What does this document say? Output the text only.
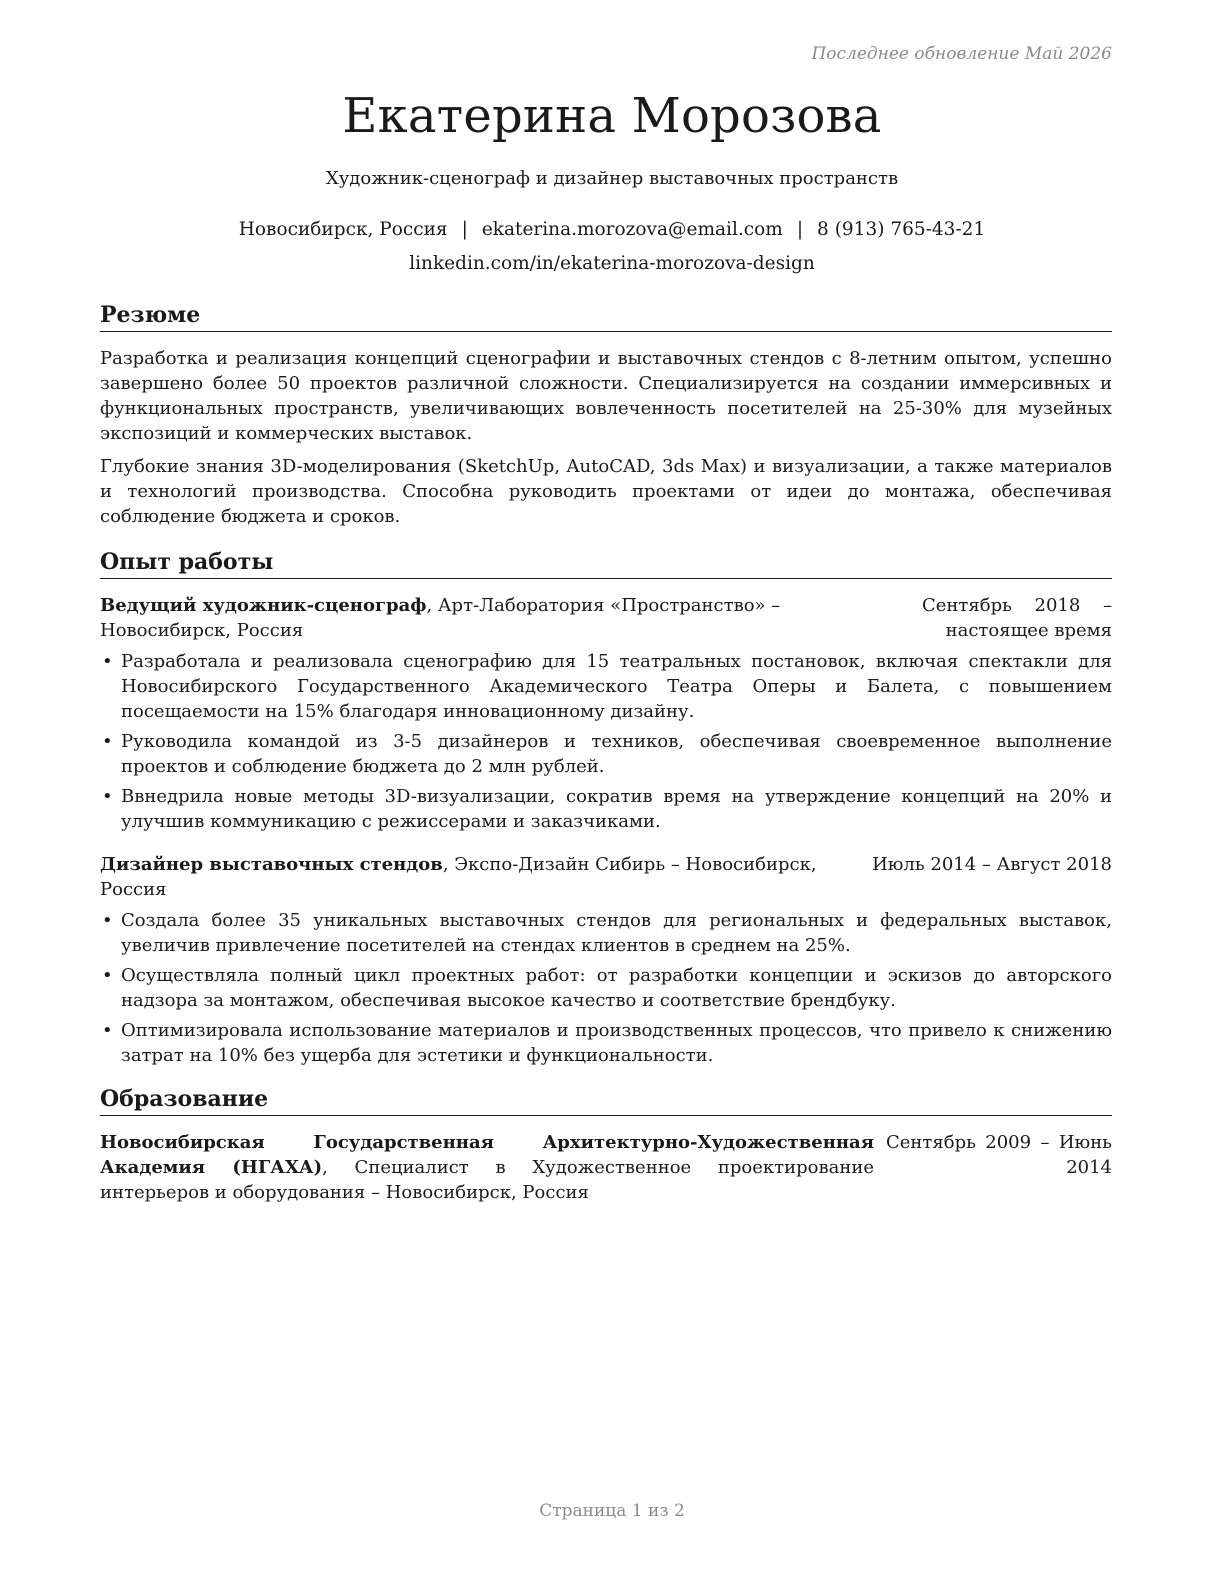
Последнее обновление Май 2026
Екатерина Морозова
Художник-сценограф и дизайнер выставочных пространств
Новосибирск, Россия | ekaterina.morozova@email.com | 8 (913) 765-43-21
linkedin.com/in/ekaterina-morozova-design
Резюме

Разработка и реализация концепций сценографии и выставочных стендов с 8-летним опытом, успешно завершено более 50 проектов различной сложности. Специализируется на создании иммерсивных и функциональных пространств, увеличивающих вовлеченность посетителей на 25-30% для музейных экспозиций и коммерческих выставок.

Глубокие знания 3D-моделирования (SketchUp, AutoCAD, 3ds Max) и визуализации, а также материалов и технологий производства. Способна руководить проектами от идеи до монтажа, обеспечивая соблюдение бюджета и сроков.

Опыт работы
Ведущий художник-сценограф, Арт-Лаборатория «Пространство» – Новосибирск, Россия
Сентябрь 2018 – настоящее время
• Разработала и реализовала сценографию для 15 театральных постановок, включая спектакли для Новосибирского Государственного Академического Театра Оперы и Балета, с повышением посещаемости на 15% благодаря инновационному дизайну.
• Руководила командой из 3-5 дизайнеров и техников, обеспечивая своевременное выполнение проектов и соблюдение бюджета до 2 млн рублей.
• Ввнедрила новые методы 3D-визуализации, сократив время на утверждение концепций на 20% и улучшив коммуникацию с режиссерами и заказчиками.
Дизайнер выставочных стендов, Экспо-Дизайн Сибирь – Новосибирск, Россия
Июль 2014 – Август 2018
• Создала более 35 уникальных выставочных стендов для региональных и федеральных выставок, увеличив привлечение посетителей на стендах клиентов в среднем на 25%.
• Осуществляла полный цикл проектных работ: от разработки концепции и эскизов до авторского надзора за монтажом, обеспечивая высокое качество и соответствие брендбуку.
• Оптимизировала использование материалов и производственных процессов, что привело к снижению затрат на 10% без ущерба для эстетики и функциональности.
Образование
Новосибирская Государственная Архитектурно-Художественная Академия (НГАХА), Специалист в Художественное проектирование интерьеров и оборудования – Новосибирск, Россия
Сентябрь 2009 – Июнь 2014
Страница 1 из 2
